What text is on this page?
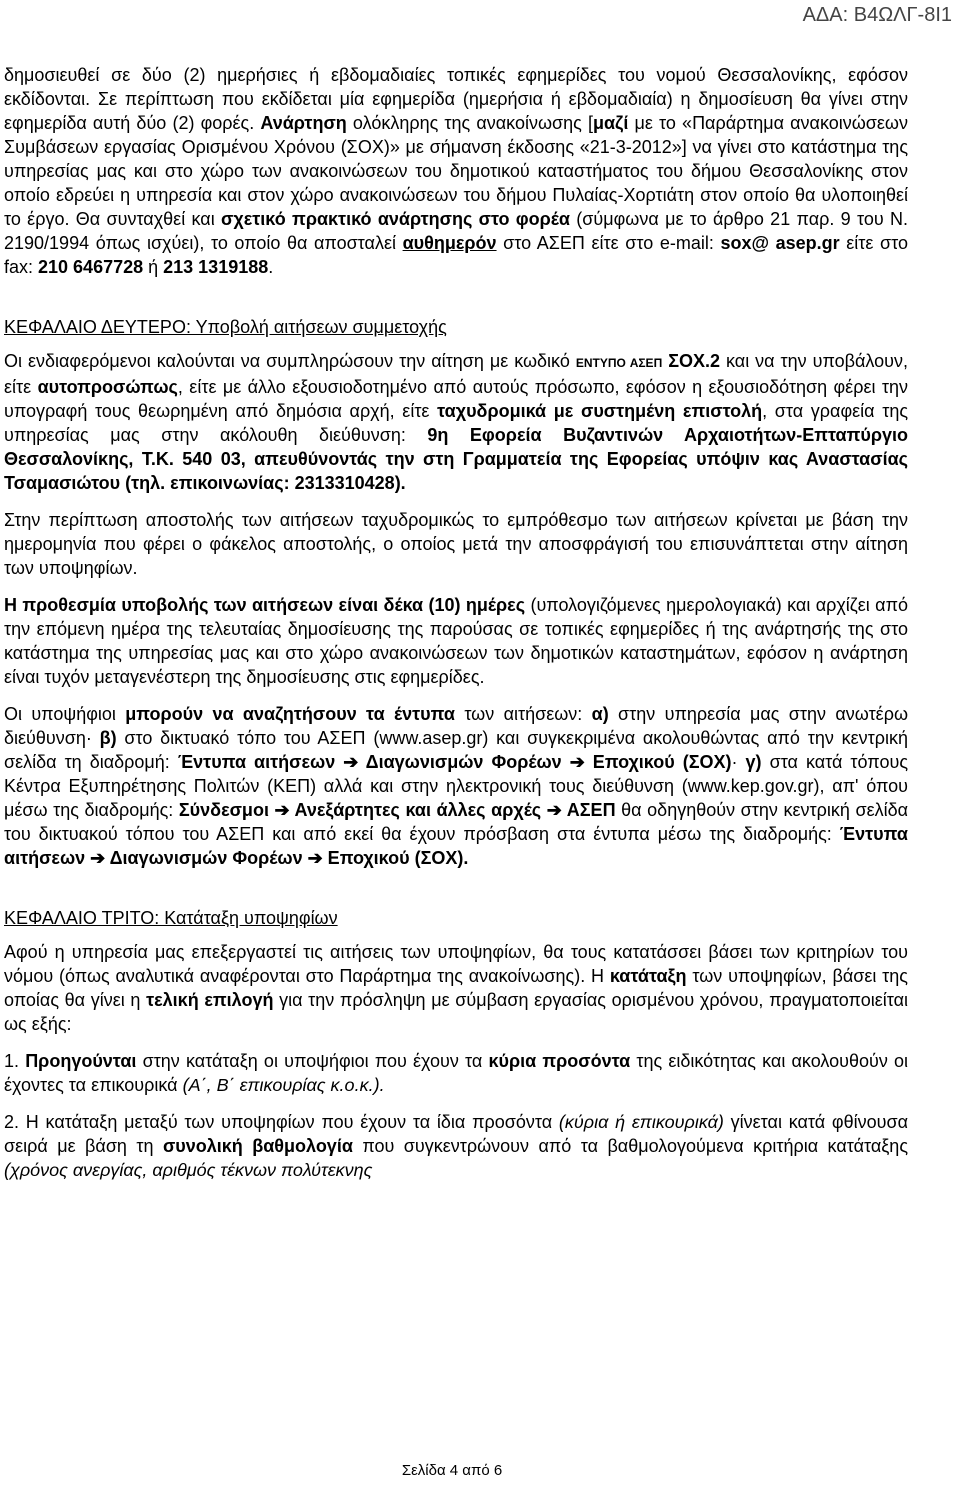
ΑΔΑ: Β4ΩΛΓ-8Ι1

δημοσιευθεί σε δύο (2) ημερήσιες ή εβδομαδιαίες τοπικές εφημερίδες του νομού Θεσσαλονίκης, εφόσον εκδίδονται. Σε περίπτωση που εκδίδεται μία εφημερίδα (ημερήσια ή εβδομαδιαία) η δημοσίευση θα γίνει στην εφημερίδα αυτή δύο (2) φορές. Ανάρτηση ολόκληρης της ανακοίνωσης [μαζί με το «Παράρτημα ανακοινώσεων Συμβάσεων εργασίας Ορισμένου Χρόνου (ΣΟΧ)» με σήμανση έκδοσης «21-3-2012»] να γίνει στο κατάστημα της υπηρεσίας μας και στο χώρο των ανακοινώσεων του δημοτικού καταστήματος του δήμου Θεσσαλονίκης στον οποίο εδρεύει η υπηρεσία και στον χώρο ανακοινώσεων του δήμου Πυλαίας-Χορτιάτη στον οποίο θα υλοποιηθεί το έργο. Θα συνταχθεί και σχετικό πρακτικό ανάρτησης στο φορέα (σύμφωνα με το άρθρο 21 παρ. 9 του Ν. 2190/1994 όπως ισχύει), το οποίο θα αποσταλεί αυθημερόν στο ΑΣΕΠ είτε στο e-mail: sox@ asep.gr είτε στο fax: 210 6467728 ή 213 1319188.

ΚΕΦΑΛΑΙΟ ΔΕΥΤΕΡΟ: Υποβολή αιτήσεων συμμετοχής

Οι ενδιαφερόμενοι καλούνται να συμπληρώσουν την αίτηση με κωδικό ΕΝΤΥΠΟ ΑΣΕΠ ΣΟΧ.2 και να την υποβάλουν, είτε αυτοπροσώπως, είτε με άλλο εξουσιοδοτημένο από αυτούς πρόσωπο, εφόσον η εξουσιοδότηση φέρει την υπογραφή τους θεωρημένη από δημόσια αρχή, είτε ταχυδρομικά με συστημένη επιστολή, στα γραφεία της υπηρεσίας μας στην ακόλουθη διεύθυνση: 9η Εφορεία Βυζαντινών Αρχαιοτήτων-Επταπύργιο Θεσσαλονίκης, Τ.Κ. 540 03, απευθύνοντάς την στη Γραμματεία της Εφορείας υπόψιν κας Αναστασίας Τσαμασιώτου (τηλ. επικοινωνίας: 2313310428).

Στην περίπτωση αποστολής των αιτήσεων ταχυδρομικώς το εμπρόθεσμο των αιτήσεων κρίνεται με βάση την ημερομηνία που φέρει ο φάκελος αποστολής, ο οποίος μετά την αποσφράγισή του επισυνάπτεται στην αίτηση των υποψηφίων.

Η προθεσμία υποβολής των αιτήσεων είναι δέκα (10) ημέρες (υπολογιζόμενες ημερολογιακά) και αρχίζει από την επόμενη ημέρα της τελευταίας δημοσίευσης της παρούσας σε τοπικές εφημερίδες ή της ανάρτησής της στο κατάστημα της υπηρεσίας μας και στο χώρο ανακοινώσεων των δημοτικών καταστημάτων, εφόσον η ανάρτηση είναι τυχόν μεταγενέστερη της δημοσίευσης στις εφημερίδες.

Οι υποψήφιοι μπορούν να αναζητήσουν τα έντυπα των αιτήσεων: α) στην υπηρεσία μας στην ανωτέρω διεύθυνση· β) στο δικτυακό τόπο του ΑΣΕΠ (www.asep.gr) και συγκεκριμένα ακολουθώντας από την κεντρική σελίδα τη διαδρομή: Έντυπα αιτήσεων ➔ Διαγωνισμών Φορέων ➔ Εποχικού (ΣΟΧ)· γ) στα κατά τόπους Κέντρα Εξυπηρέτησης Πολιτών (ΚΕΠ) αλλά και στην ηλεκτρονική τους διεύθυνση (www.kep.gov.gr), απ' όπου μέσω της διαδρομής: Σύνδεσμοι ➔ Ανεξάρτητες και άλλες αρχές ➔ ΑΣΕΠ θα οδηγηθούν στην κεντρική σελίδα του δικτυακού τόπου του ΑΣΕΠ και από εκεί θα έχουν πρόσβαση στα έντυπα μέσω της διαδρομής: Έντυπα αιτήσεων ➔ Διαγωνισμών Φορέων ➔ Εποχικού (ΣΟΧ).

ΚΕΦΑΛΑΙΟ ΤΡΙΤΟ: Κατάταξη υποψηφίων

Αφού η υπηρεσία μας επεξεργαστεί τις αιτήσεις των υποψηφίων, θα τους κατατάσσει βάσει των κριτηρίων του νόμου (όπως αναλυτικά αναφέρονται στο Παράρτημα της ανακοίνωσης). Η κατάταξη των υποψηφίων, βάσει της οποίας θα γίνει η τελική επιλογή για την πρόσληψη με σύμβαση εργασίας ορισμένου χρόνου, πραγματοποιείται ως εξής:

1. Προηγούνται στην κατάταξη οι υποψήφιοι που έχουν τα κύρια προσόντα της ειδικότητας και ακολουθούν οι έχοντες τα επικουρικά (Α΄, Β΄ επικουρίας κ.ο.κ.).

2. Η κατάταξη μεταξύ των υποψηφίων που έχουν τα ίδια προσόντα (κύρια ή επικουρικά) γίνεται κατά φθίνουσα σειρά με βάση τη συνολική βαθμολογία που συγκεντρώνουν από τα βαθμολογούμενα κριτήρια κατάταξης (χρόνος ανεργίας, αριθμός τέκνων πολύτεκνης

Σελίδα 4 από 6
